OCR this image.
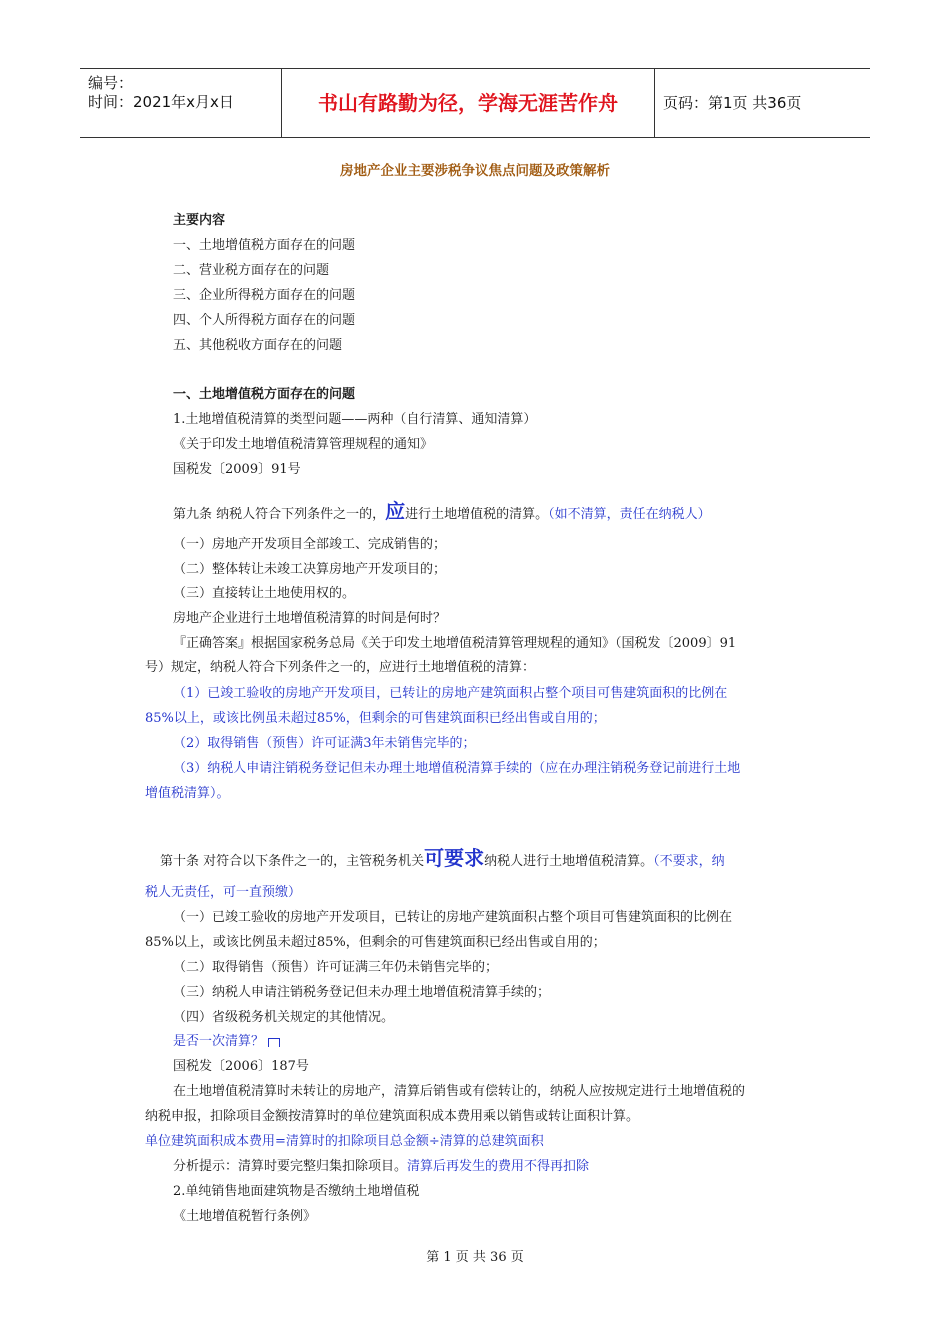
编号：
时间：2021年x月x日	书山有路勤为径，学海无涯苦作舟	页码：第1页 共36页
房地产企业主要涉税争议焦点问题及政策解析
主要内容
一、土地增值税方面存在的问题
二、营业税方面存在的问题
三、企业所得税方面存在的问题
四、个人所得税方面存在的问题
五、其他税收方面存在的问题
一、土地增值税方面存在的问题
1.土地增值税清算的类型问题——两种（自行清算、通知清算）
《关于印发土地增值税清算管理规程的通知》
国税发〔2009〕91号
第九条 纳税人符合下列条件之一的，应进行土地增值税的清算。（如不清算，责任在纳税人）
（一）房地产开发项目全部竣工、完成销售的；
（二）整体转让未竣工决算房地产开发项目的；
（三）直接转让土地使用权的。
房地产企业进行土地增值税清算的时间是何时？
『正确答案』根据国家税务总局《关于印发土地增值税清算管理规程的通知》（国税发〔2009〕91
号）规定，纳税人符合下列条件之一的，应进行土地增值税的清算：
（1）已竣工验收的房地产开发项目，已转让的房地产建筑面积占整个项目可售建筑面积的比例在
85%以上，或该比例虽未超过85%，但剩余的可售建筑面积已经出售或自用的；
（2）取得销售（预售）许可证满3年未销售完毕的；
（3）纳税人申请注销税务登记但未办理土地增值税清算手续的（应在办理注销税务登记前进行土地
增值税清算）。
第十条 对符合以下条件之一的，主管税务机关可要求纳税人进行土地增值税清算。（不要求，纳
税人无责任，可一直预缴）
（一）已竣工验收的房地产开发项目，已转让的房地产建筑面积占整个项目可售建筑面积的比例在
85%以上，或该比例虽未超过85%，但剩余的可售建筑面积已经出售或自用的；
（二）取得销售（预售）许可证满三年仍未销售完毕的；
（三）纳税人申请注销税务登记但未办理土地增值税清算手续的；
（四）省级税务机关规定的其他情况。
是否一次清算？
国税发〔2006〕187号
在土地增值税清算时未转让的房地产，清算后销售或有偿转让的，纳税人应按规定进行土地增值税的
纳税申报，扣除项目金额按清算时的单位建筑面积成本费用乘以销售或转让面积计算。
单位建筑面积成本费用=清算时的扣除项目总金额÷清算的总建筑面积
分析提示：清算时要完整归集扣除项目。清算后再发生的费用不得再扣除
2.单纯销售地面建筑物是否缴纳土地增值税
《土地增值税暂行条例》
第 1 页 共 36 页
